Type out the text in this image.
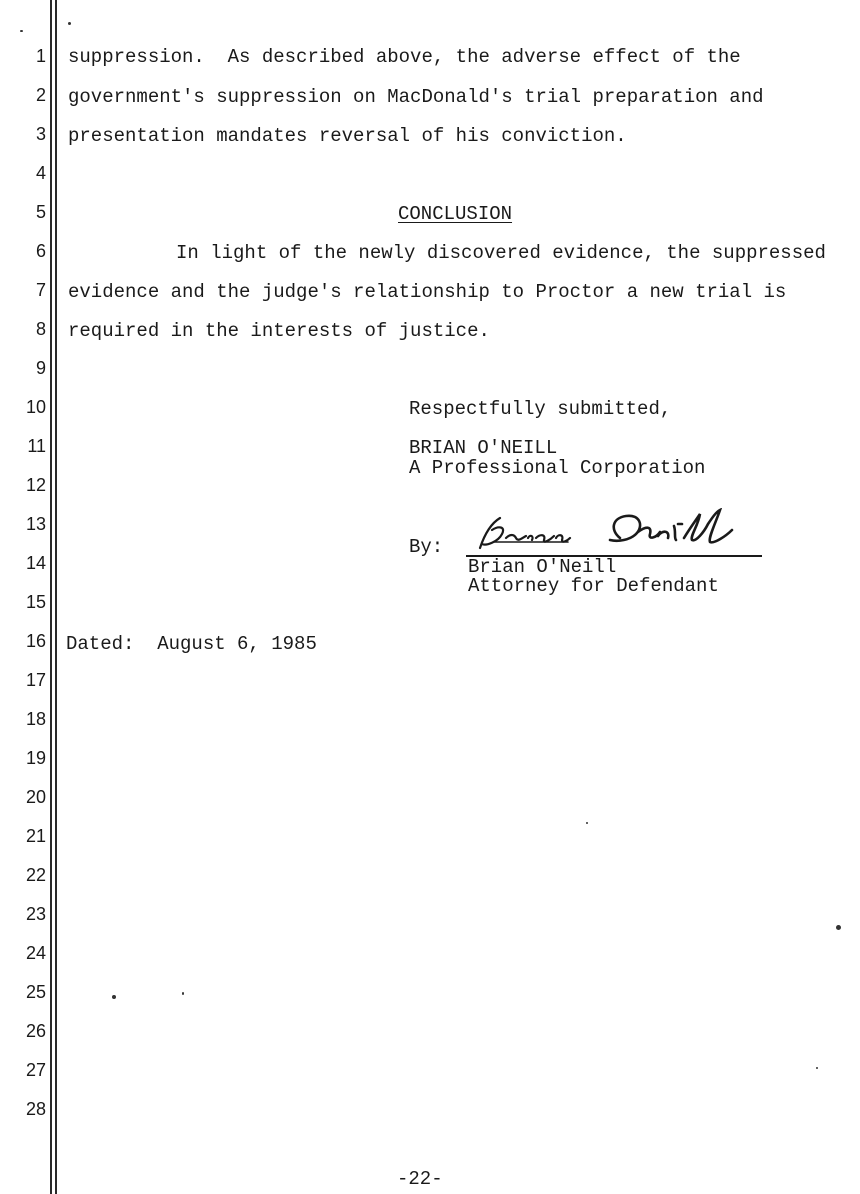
1
2
3
4
5
6
7
8
9
10
11
12
13
14
15
16
17
18
19
20
21
22
23
24
25
26
27
28
suppression.  As described above, the adverse effect of the
government's suppression on MacDonald's trial preparation and
presentation mandates reversal of his conviction.
CONCLUSION
In light of the newly discovered evidence, the suppressed
evidence and the judge's relationship to Proctor a new trial is
required in the interests of justice.
Respectfully submitted,
BRIAN O'NEILL
A Professional Corporation
By:
Brian O'Neill
Attorney for Defendant
Dated:  August 6, 1985
-22-
